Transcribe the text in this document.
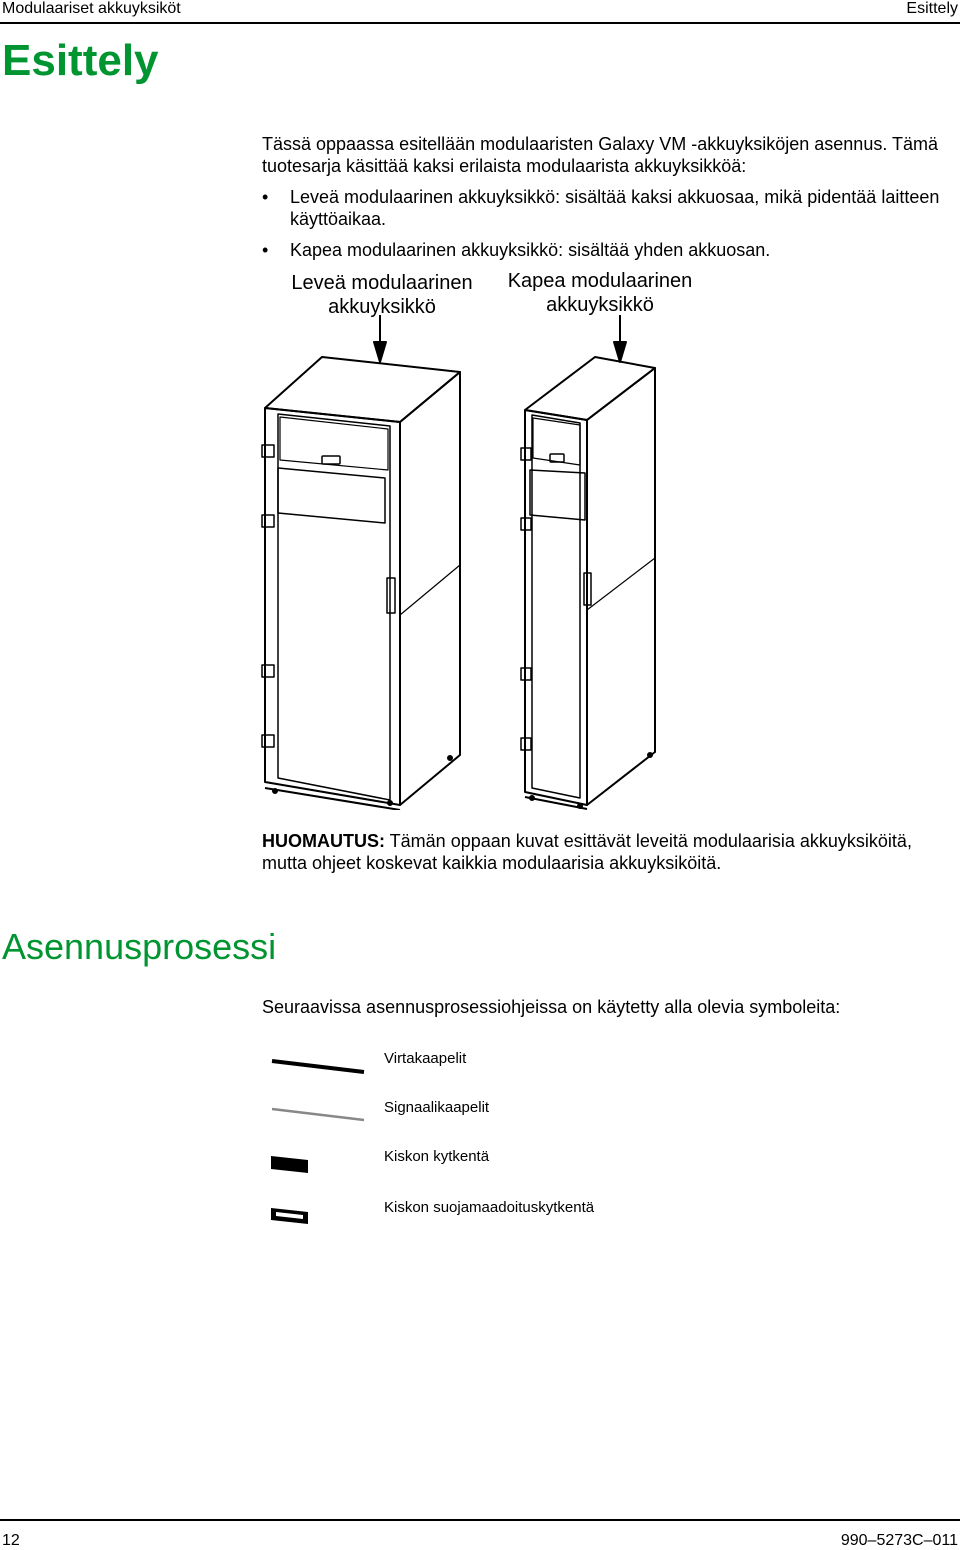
Modulaariset akkuyksiköt	Esittely
Esittely
Tässä oppaassa esitellään modulaaristen Galaxy VM -akkuyksiköjen asennus. Tämä tuotesarja käsittää kaksi erilaista modulaarista akkuyksikköä:
• Leveä modulaarinen akkuyksikkö: sisältää kaksi akkuosaa, mikä pidentää laitteen käyttöaikaa.
• Kapea modulaarinen akkuyksikkö: sisältää yhden akkuosan.
Leveä modulaarinen
akkuyksikkö
Kapea modulaarinen
akkuyksikkö
HUOMAUTUS: Tämän oppaan kuvat esittävät leveitä modulaarisia akkuyksiköitä, mutta ohjeet koskevat kaikkia modulaarisia akkuyksiköitä.
Asennusprosessi
Seuraavissa asennusprosessiohjeissa on käytetty alla olevia symboleita:
Virtakaapelit
Signaalikaapelit
Kiskon kytkentä
Kiskon suojamaadoituskytkentä
12	990–5273C–011
